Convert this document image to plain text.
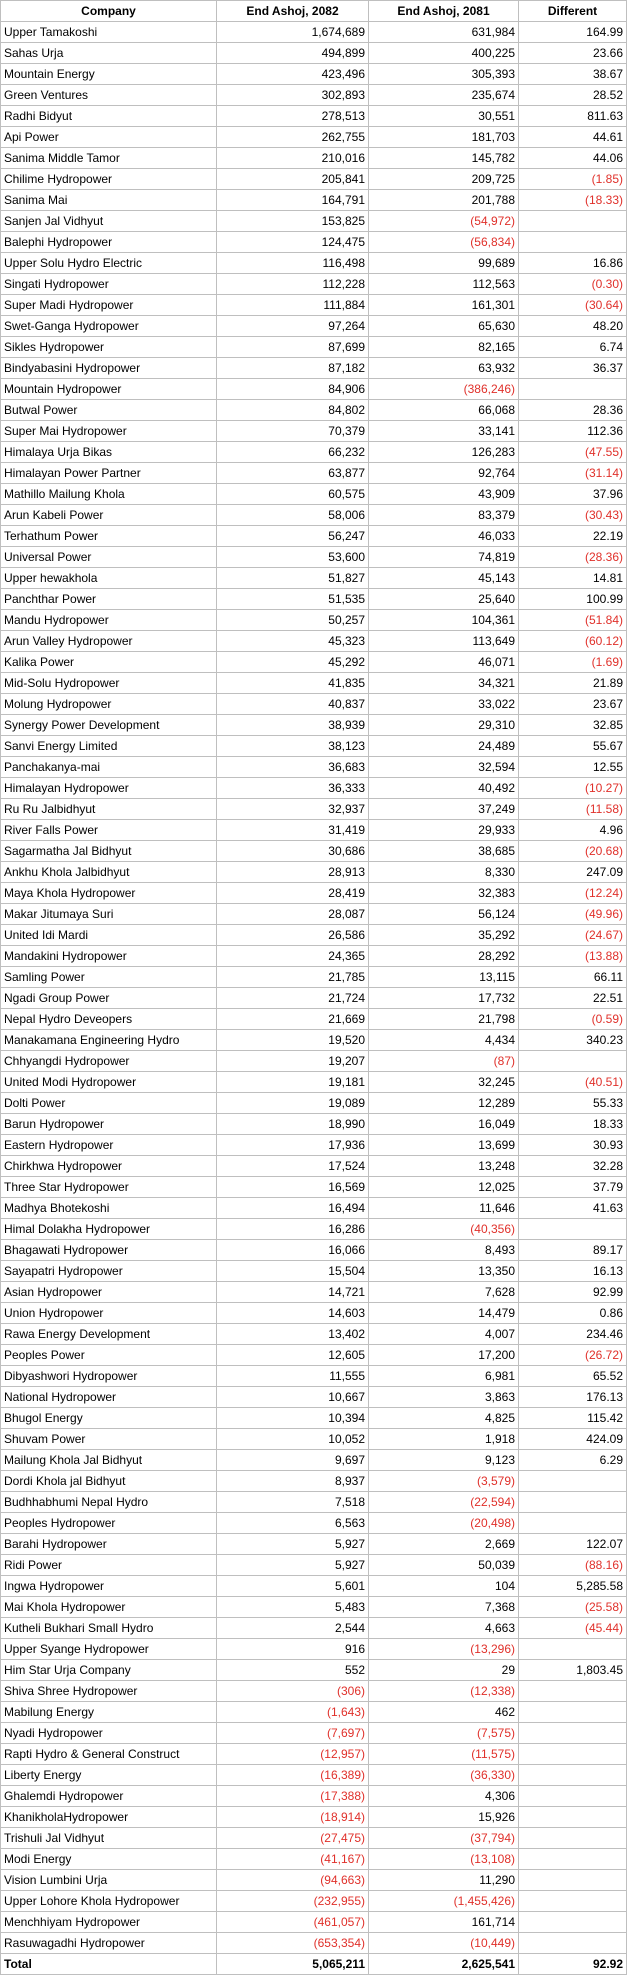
Company	End Ashoj, 2082	End Ashoj, 2081	Different
Upper Tamakoshi	1,674,689	631,984	164.99
Sahas Urja	494,899	400,225	23.66
Mountain Energy	423,496	305,393	38.67
Green Ventures	302,893	235,674	28.52
Radhi Bidyut	278,513	30,551	811.63
Api Power	262,755	181,703	44.61
Sanima Middle Tamor	210,016	145,782	44.06
Chilime Hydropower	205,841	209,725	(1.85)
Sanima Mai	164,791	201,788	(18.33)
Sanjen Jal Vidhyut	153,825	(54,972)	
Balephi Hydropower	124,475	(56,834)	
Upper Solu Hydro Electric	116,498	99,689	16.86
Singati Hydropower	112,228	112,563	(0.30)
Super Madi Hydropower	111,884	161,301	(30.64)
Swet-Ganga Hydropower	97,264	65,630	48.20
Sikles Hydropower	87,699	82,165	6.74
Bindyabasini Hydropower	87,182	63,932	36.37
Mountain Hydropower	84,906	(386,246)	
Butwal Power	84,802	66,068	28.36
Super Mai Hydropower	70,379	33,141	112.36
Himalaya Urja Bikas	66,232	126,283	(47.55)
Himalayan Power Partner	63,877	92,764	(31.14)
Mathillo Mailung Khola	60,575	43,909	37.96
Arun Kabeli Power	58,006	83,379	(30.43)
Terhathum Power	56,247	46,033	22.19
Universal Power	53,600	74,819	(28.36)
Upper hewakhola	51,827	45,143	14.81
Panchthar Power	51,535	25,640	100.99
Mandu Hydropower	50,257	104,361	(51.84)
Arun Valley Hydropower	45,323	113,649	(60.12)
Kalika Power	45,292	46,071	(1.69)
Mid-Solu Hydropower	41,835	34,321	21.89
Molung Hydropower	40,837	33,022	23.67
Synergy Power Development	38,939	29,310	32.85
Sanvi Energy Limited	38,123	24,489	55.67
Panchakanya-mai	36,683	32,594	12.55
Himalayan Hydropower	36,333	40,492	(10.27)
Ru Ru Jalbidhyut	32,937	37,249	(11.58)
River Falls Power	31,419	29,933	4.96
Sagarmatha Jal Bidhyut	30,686	38,685	(20.68)
Ankhu Khola Jalbidhyut	28,913	8,330	247.09
Maya Khola Hydropower	28,419	32,383	(12.24)
Makar Jitumaya Suri	28,087	56,124	(49.96)
United Idi Mardi	26,586	35,292	(24.67)
Mandakini Hydropower	24,365	28,292	(13.88)
Samling Power	21,785	13,115	66.11
Ngadi Group Power	21,724	17,732	22.51
Nepal Hydro Deveopers	21,669	21,798	(0.59)
Manakamana Engineering Hydro	19,520	4,434	340.23
Chhyangdi Hydropower	19,207	(87)	
United Modi Hydropower	19,181	32,245	(40.51)
Dolti Power	19,089	12,289	55.33
Barun Hydropower	18,990	16,049	18.33
Eastern Hydropower	17,936	13,699	30.93
Chirkhwa Hydropower	17,524	13,248	32.28
Three Star Hydropower	16,569	12,025	37.79
Madhya Bhotekoshi	16,494	11,646	41.63
Himal Dolakha Hydropower	16,286	(40,356)	
Bhagawati Hydropower	16,066	8,493	89.17
Sayapatri Hydropower	15,504	13,350	16.13
Asian Hydropower	14,721	7,628	92.99
Union Hydropower	14,603	14,479	0.86
Rawa Energy Development	13,402	4,007	234.46
Peoples Power	12,605	17,200	(26.72)
Dibyashwori Hydropower	11,555	6,981	65.52
National Hydropower	10,667	3,863	176.13
Bhugol Energy	10,394	4,825	115.42
Shuvam Power	10,052	1,918	424.09
Mailung Khola Jal Bidhyut	9,697	9,123	6.29
Dordi Khola jal Bidhyut	8,937	(3,579)	
Budhhabhumi Nepal Hydro	7,518	(22,594)	
Peoples Hydropower	6,563	(20,498)	
Barahi Hydropower	5,927	2,669	122.07
Ridi Power	5,927	50,039	(88.16)
Ingwa Hydropower	5,601	104	5,285.58
Mai Khola Hydropower	5,483	7,368	(25.58)
Kutheli Bukhari Small Hydro	2,544	4,663	(45.44)
Upper Syange Hydropower	916	(13,296)	
Him Star Urja Company	552	29	1,803.45
Shiva Shree Hydropower	(306)	(12,338)	
Mabilung Energy	(1,643)	462	
Nyadi Hydropower	(7,697)	(7,575)	
Rapti Hydro & General Construct	(12,957)	(11,575)	
Liberty Energy	(16,389)	(36,330)	
Ghalemdi Hydropower	(17,388)	4,306	
KhanikholaHydropower	(18,914)	15,926	
Trishuli Jal Vidhyut	(27,475)	(37,794)	
Modi Energy	(41,167)	(13,108)	
Vision Lumbini Urja	(94,663)	11,290	
Upper Lohore Khola Hydropower	(232,955)	(1,455,426)	
Menchhiyam Hydropower	(461,057)	161,714	
Rasuwagadhi Hydropower	(653,354)	(10,449)	
Total	5,065,211	2,625,541	92.92
